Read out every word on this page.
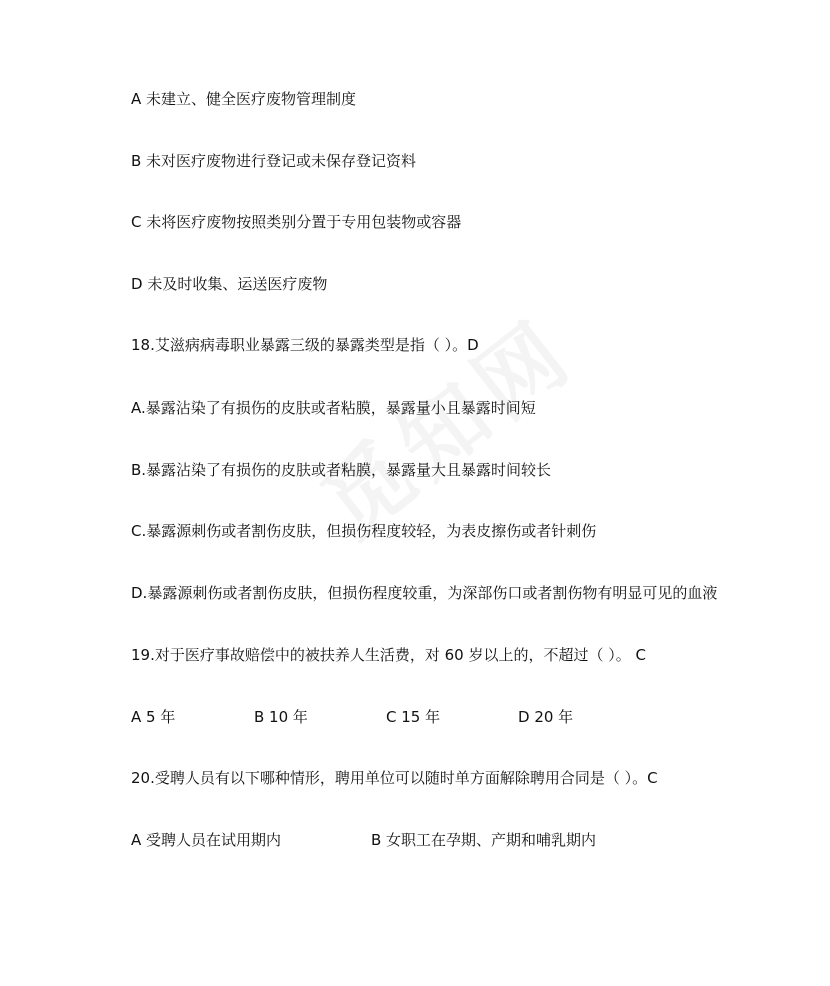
A 未建立、健全医疗废物管理制度
B 未对医疗废物进行登记或未保存登记资料
C 未将医疗废物按照类别分置于专用包装物或容器
D 未及时收集、运送医疗废物
18.艾滋病病毒职业暴露三级的暴露类型是指（ ）。D
A.暴露沾染了有损伤的皮肤或者粘膜，暴露量小且暴露时间短
B.暴露沾染了有损伤的皮肤或者粘膜，暴露量大且暴露时间较长
C.暴露源刺伤或者割伤皮肤，但损伤程度较轻，为表皮擦伤或者针刺伤
D.暴露源刺伤或者割伤皮肤，但损伤程度较重，为深部伤口或者割伤物有明显可见的血液
19.对于医疗事故赔偿中的被扶养人生活费，对 60 岁以上的，不超过（ ）。 C
A 5 年	B 10 年	C 15 年	D 20 年
20.受聘人员有以下哪种情形，聘用单位可以随时单方面解除聘用合同是（ ）。C
A 受聘人员在试用期内	B 女职工在孕期、产期和哺乳期内
